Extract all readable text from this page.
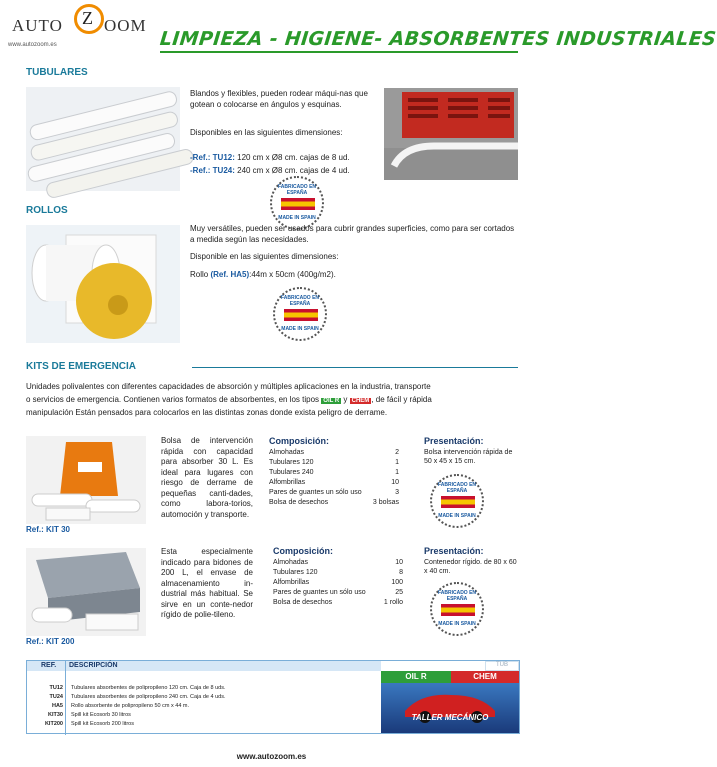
AUTO Z OOM
www.autozoom.es	LIMPIEZA - HIGIENE- ABSORBENTES INDUSTRIALES
TUBULARES
Blandos y flexibles, pueden rodear máqui-nas que gotean o colocarse en ángulos y esquinas.
Disponibles en las siguientes dimensiones:
-Ref.: TU12: 120 cm x Ø8 cm. cajas de 8 ud.
-Ref.: TU24: 240 cm x Ø8 cm. cajas de 4 ud.
FABRICADO EN ESPAÑA
MADE IN SPAIN
ROLLOS
Muy versátiles, pueden ser usados para cubrir grandes superficies, como para ser cortados a medida según las necesidades.
Disponible en las siguientes dimensiones:
Rollo (Ref. HA5):44m x 50cm (400g/m2).
FABRICADO EN ESPAÑA
MADE IN SPAIN
KITS DE EMERGENCIA
Unidades polivalentes con diferentes capacidades de absorción y múltiples aplicaciones en la industria, transporte
o servicios de emergencia. Contienen varios formatos de absorbentes, en los tipos OIL R y CHEM , de fácil y rápida
manipulación Están pensados para colocarlos en las distintas zonas donde exista peligro de derrame.
Ref.: KIT 30
Bolsa de intervención rápida con capacidad para absorber 30 L. Es ideal para lugares con riesgo de derrame de pequeñas canti-dades, como labora-torios, automoción y transporte.
Composición:
Almohadas	2
Tubulares 120	1
Tubulares 240	1
Alfombrillas	10
Pares de guantes un sólo uso	3
Bolsa de desechos	3 bolsas
Presentación:
Bolsa intervención rápida de 50 x 45 x 15 cm.
FABRICADO EN ESPAÑA
MADE IN SPAIN
Ref.: KIT 200
Esta especialmente indicado para bidones de 200 L, el envase de almacenamiento in-dustrial más habitual. Se sirve en un conte-nedor rígido de polie-tileno.
Composición:
Almohadas	10
Tubulares 120	8
Alfombrillas	100
Pares de guantes un sólo uso	25
Bolsa de desechos	1 rollo
Presentación:
Contenedor rígido. de 80 x 60 x 40 cm.
FABRICADO EN ESPAÑA
MADE IN SPAIN
REF. DESCRIPCIÓN
TU12 Tubulares absorbentes de polipropileno 120 cm. Caja de 8 uds.
TU24 Tubulares absorbentes de polipropileno 240 cm. Caja de 4 uds.
HA5 Rollo absorbente de polipropileno 50 cm x 44 m.
KIT30 Spill kit Ecosorb 30 litros
KIT200 Spill kit Ecosorb 200 litros
TUB
OIL R	CHEM
TALLER MECÁNICO
www.autozoom.es
